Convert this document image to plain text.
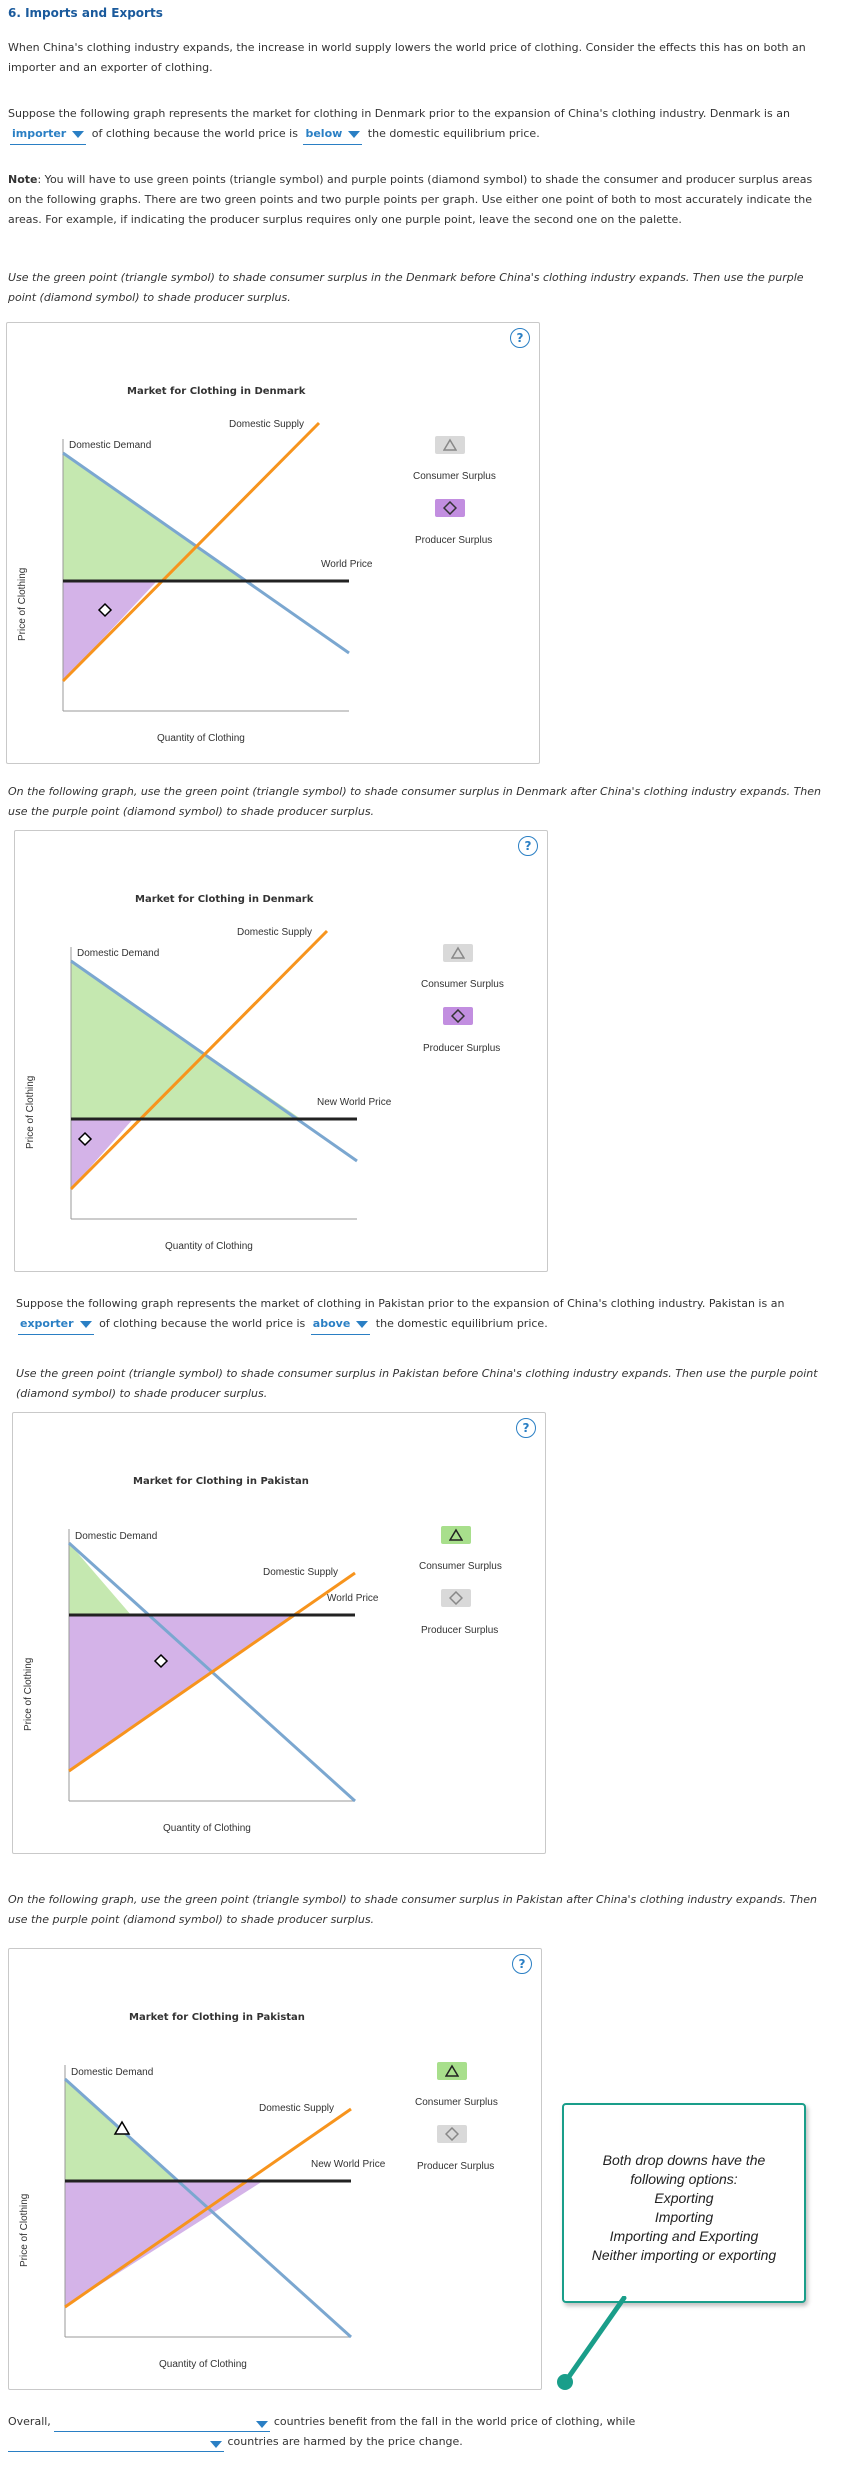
6. Imports and Exports
When China's clothing industry expands, the increase in world supply lowers the world price of clothing. Consider the effects this has on both an importer and an exporter of clothing.
Suppose the following graph represents the market for clothing in Denmark prior to the expansion of China's clothing industry. Denmark is an
importer of clothing because the world price is below the domestic equilibrium price.
Note: You will have to use green points (triangle symbol) and purple points (diamond symbol) to shade the consumer and producer surplus areas on the following graphs. There are two green points and two purple points per graph. Use either one point of both to most accurately indicate the areas. For example, if indicating the producer surplus requires only one purple point, leave the second one on the palette.
Use the green point (triangle symbol) to shade consumer surplus in the Denmark before China's clothing industry expands. Then use the purple point (diamond symbol) to shade producer surplus.
?
Domestic Demand
Domestic Supply
World Price
Quantity of Clothing
Price of Clothing
Market for Clothing in Denmark
Consumer Surplus
Producer Surplus
On the following graph, use the green point (triangle symbol) to shade consumer surplus in Denmark after China's clothing industry expands. Then use the purple point (diamond symbol) to shade producer surplus.
?
Domestic Demand
Domestic Supply
New World Price
Quantity of Clothing
Price of Clothing
Market for Clothing in Denmark
Consumer Surplus
Producer Surplus
Suppose the following graph represents the market of clothing in Pakistan prior to the expansion of China's clothing industry. Pakistan is an
exporter of clothing because the world price is above the domestic equilibrium price.
Use the green point (triangle symbol) to shade consumer surplus in Pakistan before China's clothing industry expands. Then use the purple point (diamond symbol) to shade producer surplus.
?
Domestic Demand
Domestic Supply
World Price
Quantity of Clothing
Price of Clothing
Market for Clothing in Pakistan
Consumer Surplus
Producer Surplus
On the following graph, use the green point (triangle symbol) to shade consumer surplus in Pakistan after China's clothing industry expands. Then use the purple point (diamond symbol) to shade producer surplus.
?
Domestic Demand
Domestic Supply
New World Price
Quantity of Clothing
Price of Clothing
Market for Clothing in Pakistan
Consumer Surplus
Producer Surplus	Both drop downs have the
following options:
Exporting
Importing
Importing and Exporting
Neither importing or exporting
Overall,	countries benefit from the fall in the world price of clothing, while

countries are harmed by the price change.
